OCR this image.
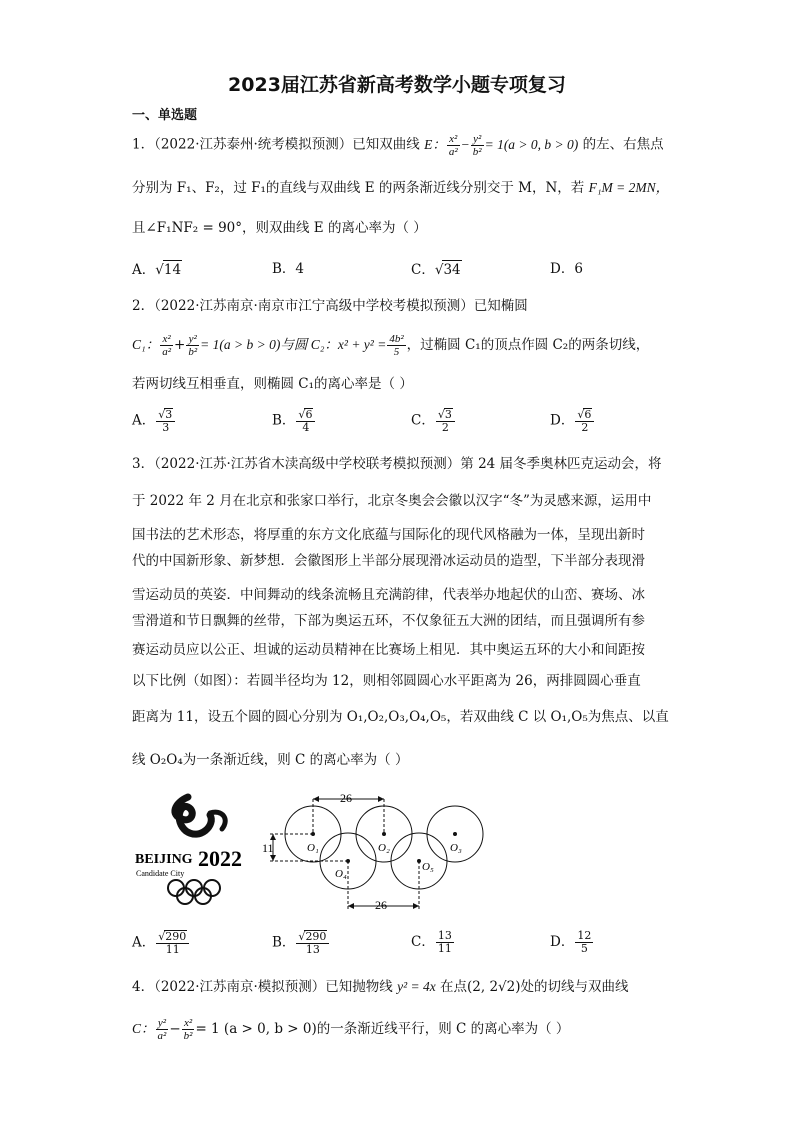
2023届江苏省新高考数学小题专项复习
一、单选题
1．（2022·江苏泰州·统考模拟预测）已知双曲线 E： $\frac{\text{x²}}{\text{a²}} - \frac{\text{y²}}{\text{b²}} = 1(a > 0$, b > 0) 的左、右焦点
分别为 F₁、F₂，过 F₁的直线与双曲线 E 的两条渐近线分别交于 M，N，若 F₁M = 2MN，
且∠F₁NF₂ = 90°，则双曲线 E 的离心率为（ ）
A．√14	B．4	C．√34	D．6
2．（2022·江苏南京·南京市江宁高级中学校考模拟预测）已知椭圆
C₁： $\frac{\text{x²}}{\text{a²}} + \frac{\text{y²}}{\text{b²}} = 1(a > b > 0)$与圆 C₂：$x^2 + y^2 = \frac{\text{4b²}}{5}$ ，过椭圆 C₁的顶点作圆 C₂的两条切线，
若两切线互相垂直，则椭圆 C₁的离心率是（ ）
A． $\frac{√3}{3}$	B． $\frac{√6}{4}$	C． $\frac{√3}{2}$	D． $\frac{√6}{2}$
3．（2022·江苏·江苏省木渎高级中学校联考模拟预测）第 24 届冬季奥林匹克运动会，将
于 2022 年 2 月在北京和张家口举行，北京冬奥会会徽以汉字“冬”为灵感来源，运用中
国书法的艺术形态，将厚重的东方文化底蕴与国际化的现代风格融为一体，呈现出新时
代的中国新形象、新梦想．会徽图形上半部分展现滑冰运动员的造型，下半部分表现滑
雪运动员的英姿．中间舞动的线条流畅且充满韵律，代表举办地起伏的山峦、赛场、冰
雪滑道和节日飘舞的丝带，下部为奥运五环，不仅象征五大洲的团结，而且强调所有参
赛运动员应以公正、坦诚的运动员精神在比赛场上相见．其中奥运五环的大小和间距按
以下比例（如图）：若圆半径均为 12，则相邻圆圆心水平距离为 26，两排圆圆心垂直
距离为 11，设五个圆的圆心分别为 O₁,O₂,O₃,O₄,O₅，若双曲线 C 以 O₁,O₅为焦点、以直
线 O₂O₄为一条渐近线，则 C 的离心率为（ ）
BEIJING 2022
Candidate City
26
26
11	O₁	O₂	O₃
O₄
O₅
A． $\frac{√290}{11}$	B． $\frac{√290}{13}$	C． $\frac{13}{11}$	D． $\frac{12}{5}$
4．（2022·江苏南京·模拟预测）已知抛物线 y² = 4x 在点(2, 2√2)处的切线与双曲线
C： $\frac{\text{y²}}{\text{a²}} - \frac{\text{x²}}{\text{b²}} = 1$ (a > 0, b > 0)的一条渐近线平行，则 C 的离心率为（ ）
